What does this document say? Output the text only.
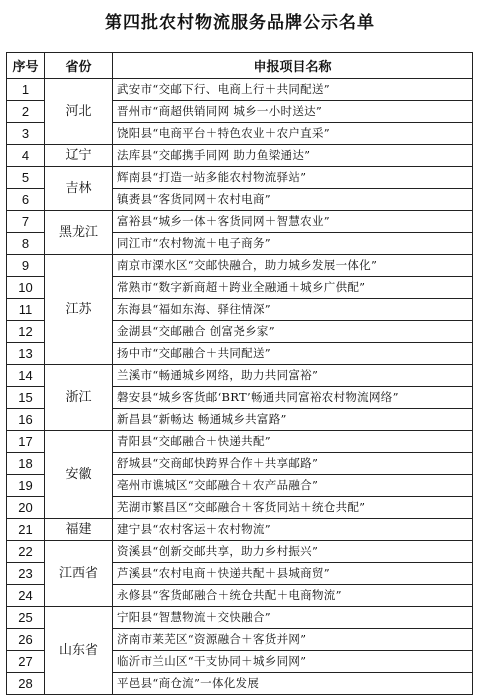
第四批农村物流服务品牌公示名单
序号	省份	申报项目名称
1	河北	武安市“交邮下行、电商上行＋共同配送”
2		晋州市“商超供销同网 城乡一小时送达”
3		饶阳县“电商平台＋特色农业＋农户直采”
4	辽宁	法库县“交邮携手同网 助力鱼梁通达”
5	吉林	辉南县“打造一站多能农村物流驿站”
6		镇赉县“客货同网＋农村电商”
7	黑龙江	富裕县“城乡一体＋客货同网＋智慧农业”
8		同江市“农村物流＋电子商务”
9	江苏	南京市溧水区“交邮快融合，助力城乡发展一体化”
10		常熟市“数字新商超＋跨业全融通＋城乡广供配”
11		东海县“福如东海、驿往情深”
12		金湖县“交邮融合 创富尧乡家”
13		扬中市“交邮融合＋共同配送”
14	浙江	兰溪市“畅通城乡网络，助力共同富裕”
15		磐安县“城乡客货邮‘BRT’畅通共同富裕农村物流网络”
16		新昌县“新畅达 畅通城乡共富路”
17	安徽	青阳县“交邮融合＋快递共配”
18		舒城县“交商邮快跨界合作＋共享邮路”
19		亳州市谯城区“交邮融合＋农产品融合”
20		芜湖市繁昌区“交邮融合＋客货同站＋统仓共配”
21	福建	建宁县“农村客运＋农村物流”
22	江西省	资溪县“创新交邮共享，助力乡村振兴”
23		芦溪县“农村电商＋快递共配＋县城商贸”
24		永修县“客货邮融合＋统仓共配＋电商物流”
25	山东省	宁阳县“智慧物流＋交快融合”
26		济南市莱芜区“资源融合＋客货并网”
27		临沂市兰山区“干支协同＋城乡同网”
28		平邑县“商仓流”一体化发展
